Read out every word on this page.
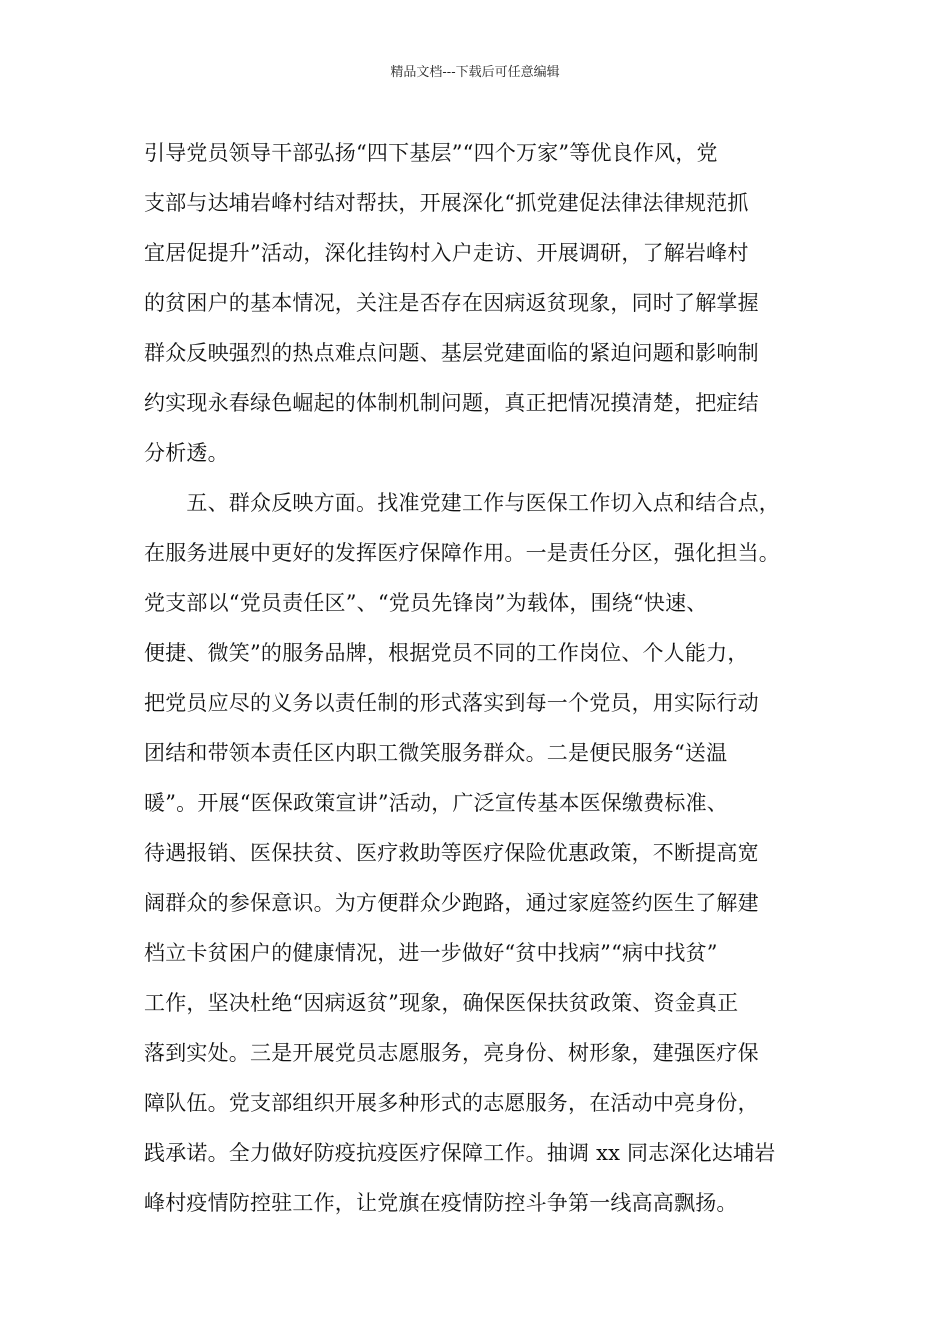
精品文档---下载后可任意编辑
引导党员领导干部弘扬“四下基层”“四个万家”等优良作风，党
支部与达埔岩峰村结对帮扶，开展深化“抓党建促法律法律规范抓
宜居促提升”活动，深化挂钩村入户走访、开展调研，了解岩峰村
的贫困户的基本情况，关注是否存在因病返贫现象，同时了解掌握
群众反映强烈的热点难点问题、基层党建面临的紧迫问题和影响制
约实现永春绿色崛起的体制机制问题，真正把情况摸清楚，把症结
分析透。
　　五、群众反映方面。找准党建工作与医保工作切入点和结合点，
在服务进展中更好的发挥医疗保障作用。一是责任分区，强化担当。
党支部以“党员责任区”、“党员先锋岗”为载体，围绕“快速、
便捷、微笑”的服务品牌，根据党员不同的工作岗位、个人能力，
把党员应尽的义务以责任制的形式落实到每一个党员，用实际行动
团结和带领本责任区内职工微笑服务群众。二是便民服务“送温
暖”。开展“医保政策宣讲”活动，广泛宣传基本医保缴费标准、
待遇报销、医保扶贫、医疗救助等医疗保险优惠政策，不断提高宽
阔群众的参保意识。为方便群众少跑路，通过家庭签约医生了解建
档立卡贫困户的健康情况，进一步做好“贫中找病”“病中找贫”
工作，坚决杜绝“因病返贫”现象，确保医保扶贫政策、资金真正
落到实处。三是开展党员志愿服务，亮身份、树形象，建强医疗保
障队伍。党支部组织开展多种形式的志愿服务，在活动中亮身份，
践承诺。全力做好防疫抗疫医疗保障工作。抽调 xx 同志深化达埔岩
峰村疫情防控驻工作，让党旗在疫情防控斗争第一线高高飘扬。
